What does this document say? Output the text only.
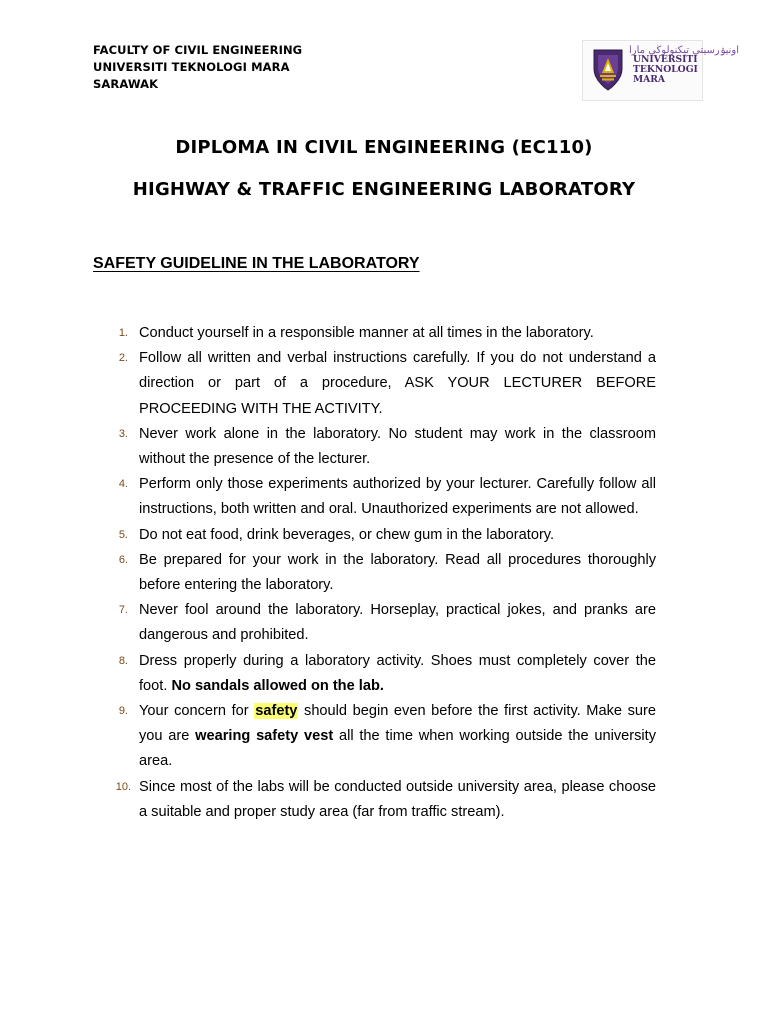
FACULTY OF CIVIL ENGINEERING
UNIVERSITI TEKNOLOGI MARA
SARAWAK
اونيۏرسيتي تيكنولوڬي مارا
UNIVERSITI
TEKNOLOGI
MARA
DIPLOMA IN CIVIL ENGINEERING (EC110)
HIGHWAY & TRAFFIC ENGINEERING LABORATORY
SAFETY GUIDELINE IN THE LABORATORY
1. Conduct yourself in a responsible manner at all times in the laboratory.
2. Follow all written and verbal instructions carefully. If you do not understand a direction or part of a procedure, ASK YOUR LECTURER BEFORE PROCEEDING WITH THE ACTIVITY.
3. Never work alone in the laboratory. No student may work in the classroom without the presence of the lecturer.
4. Perform only those experiments authorized by your lecturer. Carefully follow all instructions, both written and oral. Unauthorized experiments are not allowed.
5. Do not eat food, drink beverages, or chew gum in the laboratory.
6. Be prepared for your work in the laboratory. Read all procedures thoroughly before entering the laboratory.
7. Never fool around the laboratory. Horseplay, practical jokes, and pranks are dangerous and prohibited.
8. Dress properly during a laboratory activity. Shoes must completely cover the foot. No sandals allowed on the lab.
9. Your concern for safety should begin even before the first activity. Make sure you are wearing safety vest all the time when working outside the university area.
10. Since most of the labs will be conducted outside university area, please choose a suitable and proper study area (far from traffic stream).
